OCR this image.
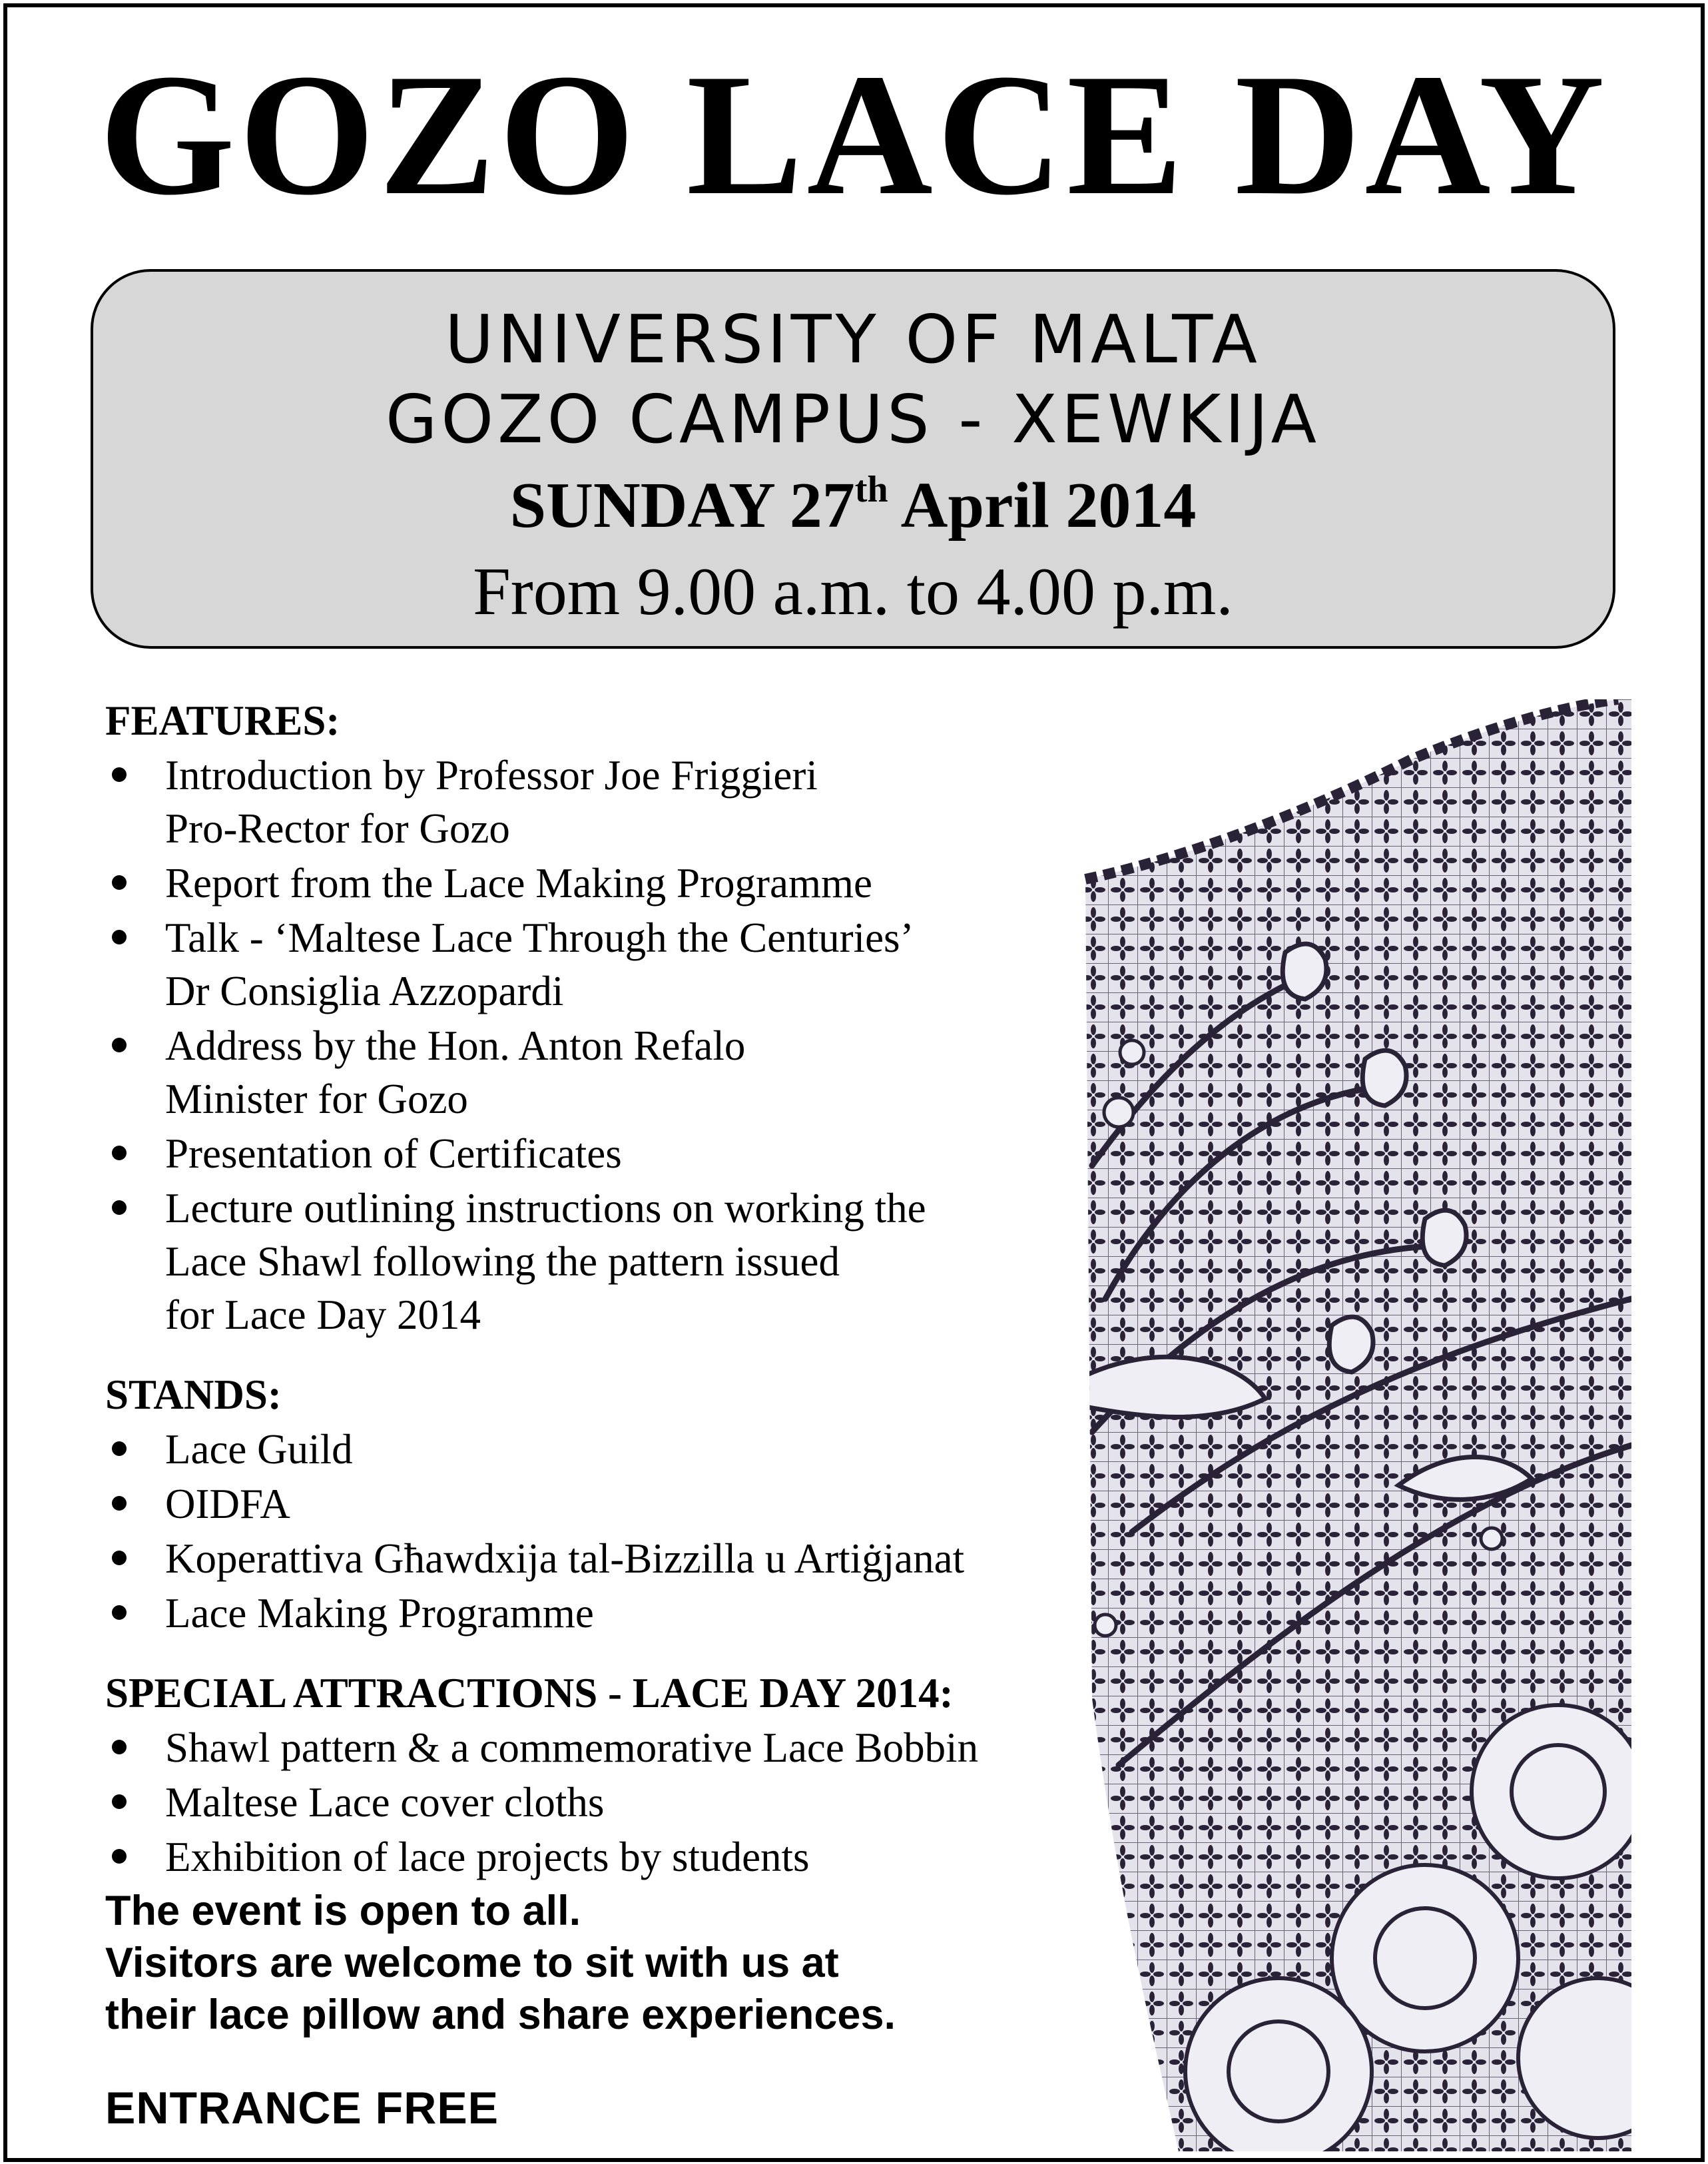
GOZO LACE DAY
UNIVERSITY OF MALTA
GOZO CAMPUS - XEWKIJA
SUNDAY 27th April 2014
From 9.00 a.m. to 4.00 p.m.
FEATURES:
Introduction by Professor Joe Friggieri
Pro-Rector for Gozo
Report from the Lace Making Programme
Talk - ‘Maltese Lace Through the Centuries’
Dr Consiglia Azzopardi
Address by the Hon. Anton Refalo
Minister for Gozo
Presentation of Certificates
Lecture outlining instructions on working the
Lace Shawl following the pattern issued
for Lace Day 2014
STANDS:
Lace Guild
OIDFA
Koperattiva Għawdxija tal-Bizzilla u Artiġjanat
Lace Making Programme
SPECIAL ATTRACTIONS - LACE DAY 2014:
Shawl pattern & a commemorative Lace Bobbin
Maltese Lace cover cloths
Exhibition of lace projects by students
The event is open to all.
Visitors are welcome to sit with us at
their lace pillow and share experiences.
ENTRANCE FREE
